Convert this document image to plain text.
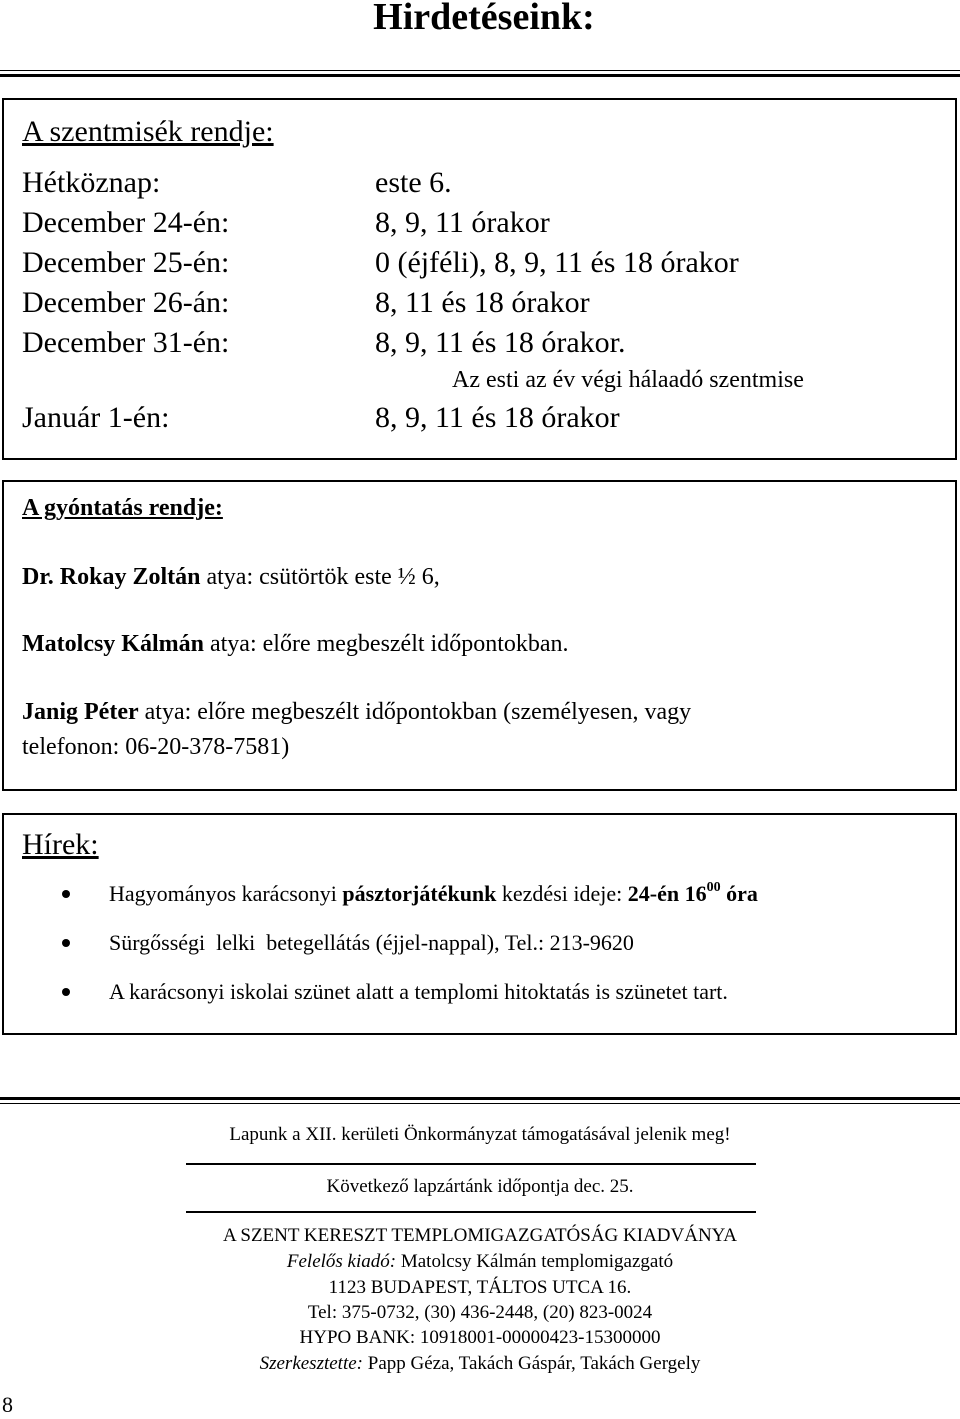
Hirdetéseink:
A szentmisék rendje:
Hétköznap:	este 6.
December 24-én:	8, 9, 11 órakor
December 25-én:	0 (éjféli), 8, 9, 11 és 18 órakor
December 26-án:	8, 11 és 18 órakor
December 31-én:	8, 9, 11 és 18 órakor.
Az esti az év végi hálaadó szentmise
Január 1-én:	8, 9, 11 és 18 órakor
A gyóntatás rendje:
Dr. Rokay Zoltán atya: csütörtök este ½ 6,
Matolcsy Kálmán atya: előre megbeszélt időpontokban.
Janig Péter atya: előre megbeszélt időpontokban (személyesen, vagy
telefonon: 06-20-378-7581)
Hírek:
Hagyományos karácsonyi pásztorjátékunk kezdési ideje: 24-én $16^{00}$ óra
Sürgősségi  lelki  betegellátás (éjjel-nappal), Tel.: 213-9620
A karácsonyi iskolai szünet alatt a templomi hitoktatás is szünetet tart.
Lapunk a XII. kerületi Önkormányzat támogatásával jelenik meg!
Következő lapzártánk időpontja dec. 25.
A SZENT KERESZT TEMPLOMIGAZGATÓSÁG KIADVÁNYA
Felelős kiadó: Matolcsy Kálmán templomigazgató
1123 BUDAPEST, TÁLTOS UTCA 16.
Tel: 375-0732, (30) 436-2448, (20) 823-0024
HYPO BANK: 10918001-00000423-15300000
Szerkesztette: Papp Géza, Takách Gáspár, Takách Gergely
8
